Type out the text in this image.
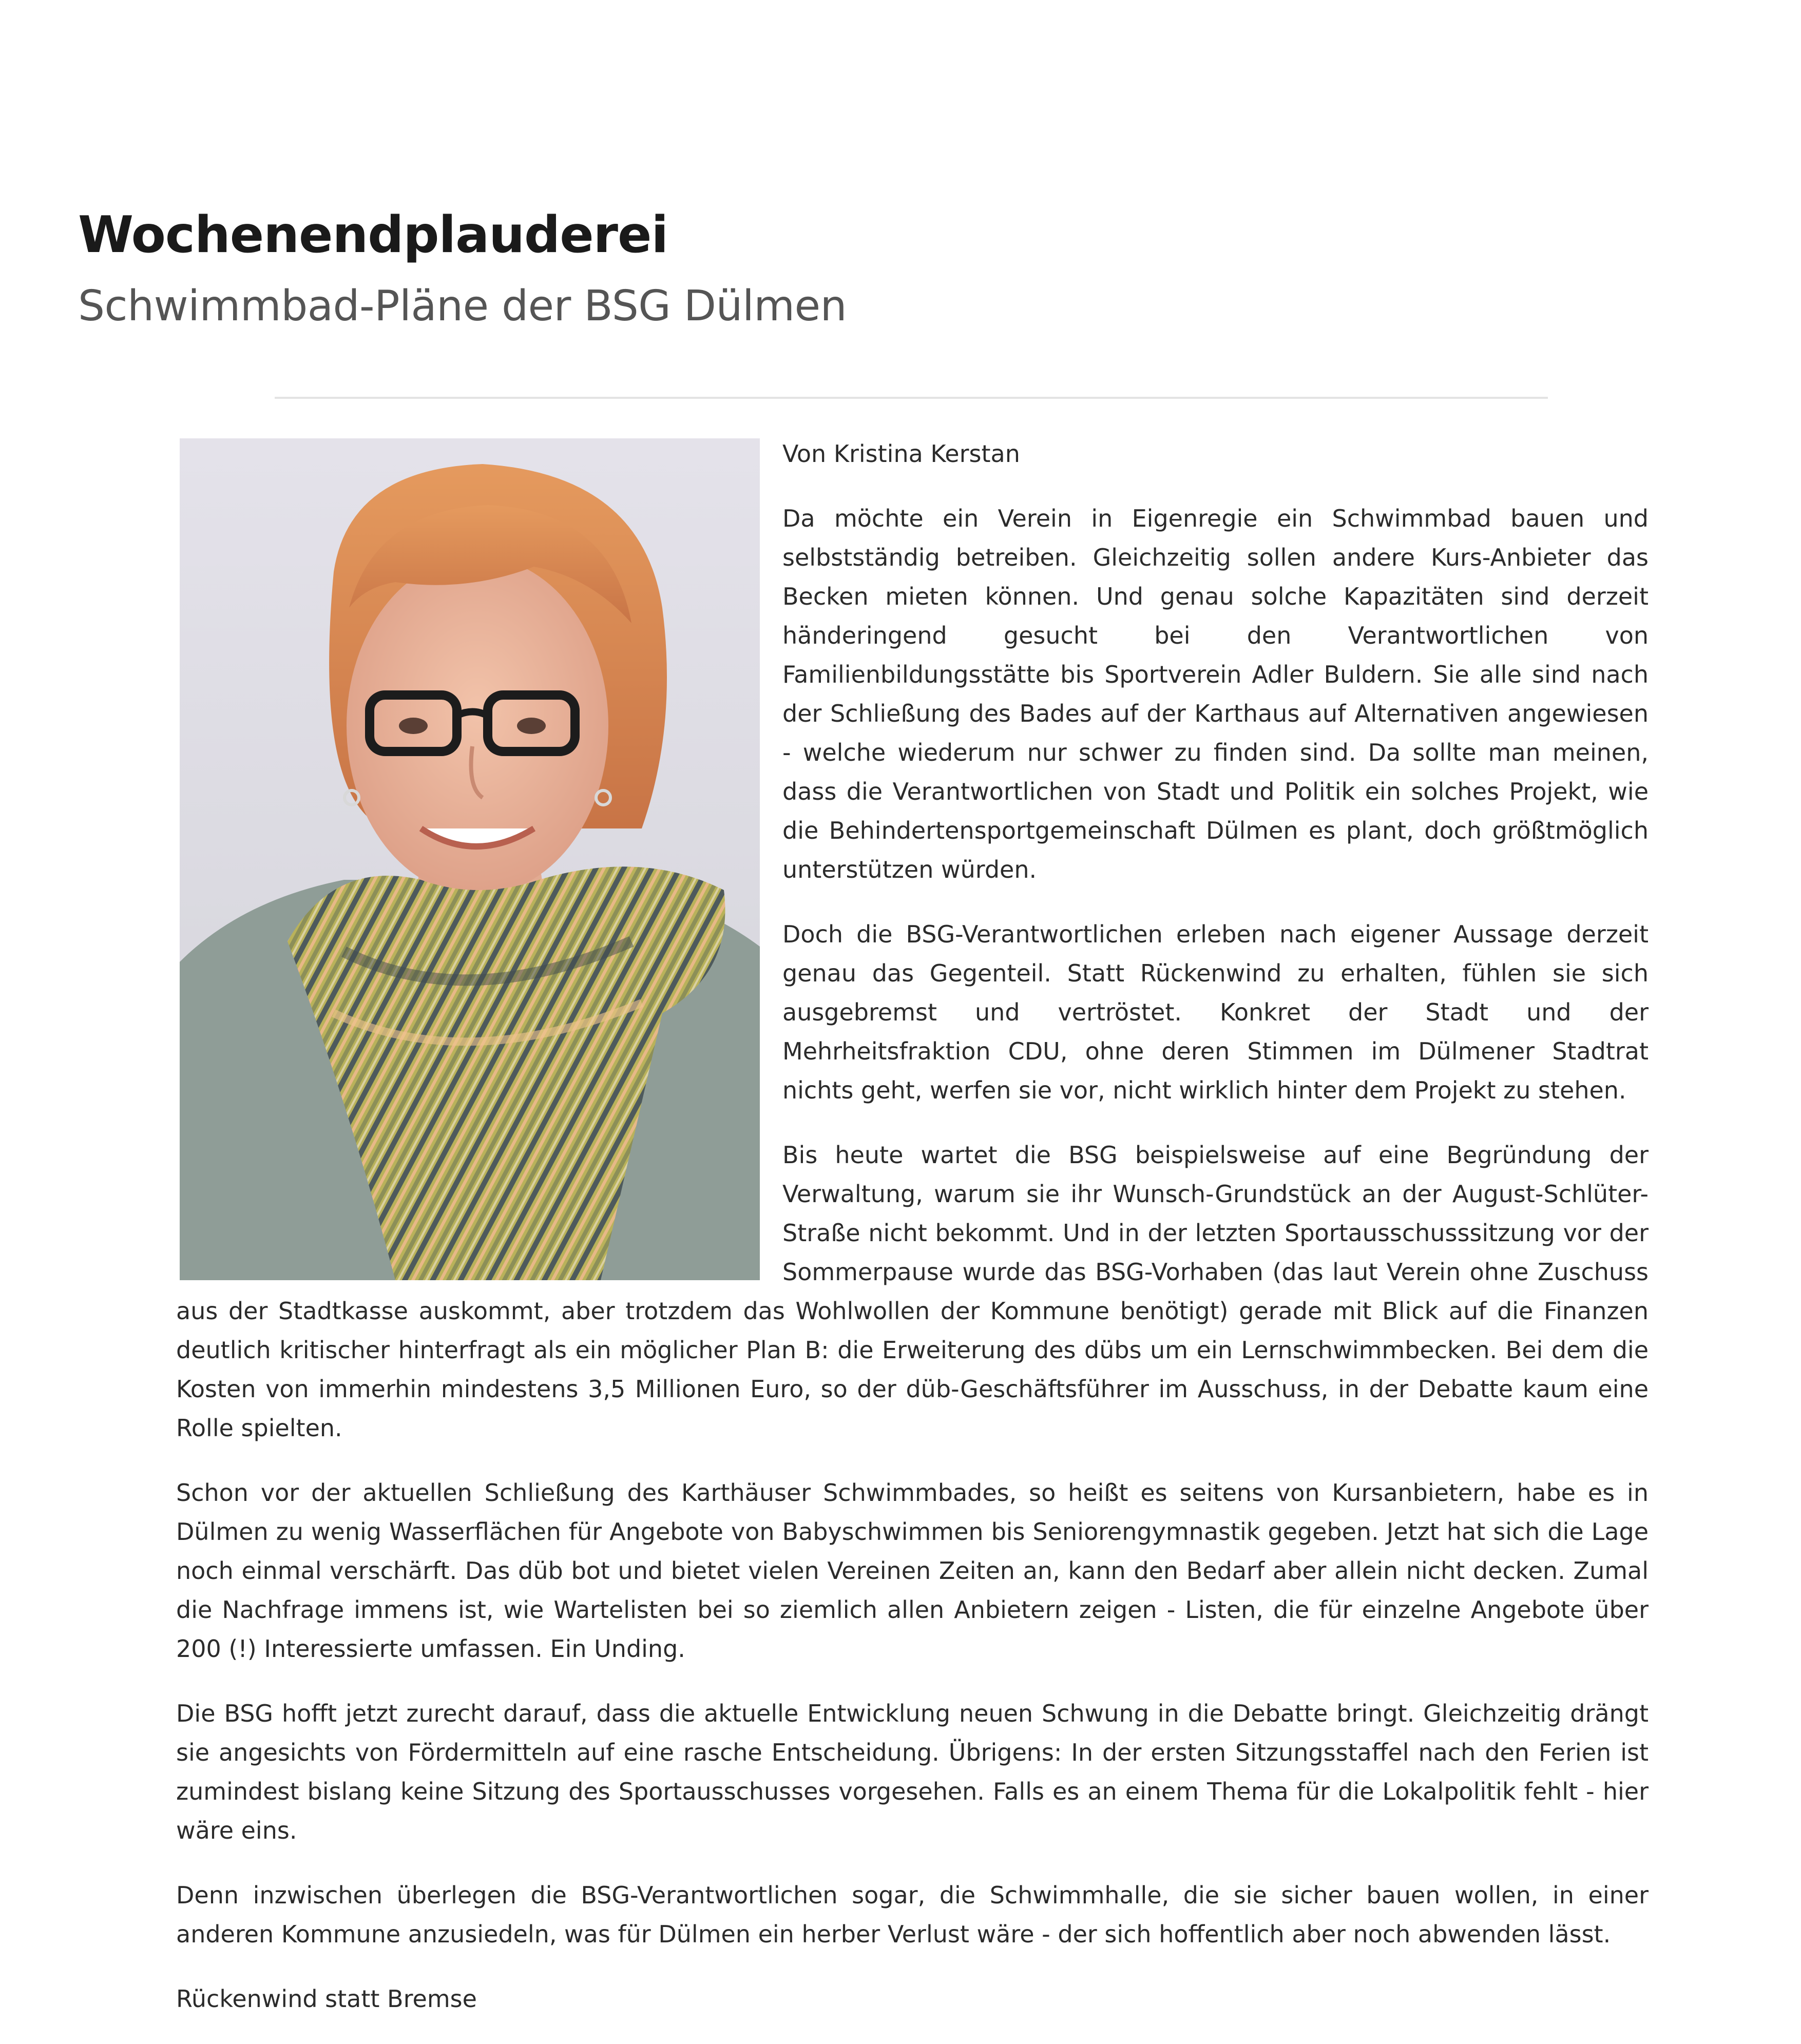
Wochenendplauderei
Schwimmbad-Pläne der BSG Dülmen

Von Kristina Kerstan

Da möchte ein Verein in Eigenregie ein Schwimmbad bauen und selbstständig betreiben. Gleichzeitig sollen andere Kurs-Anbieter das Becken mieten können. Und genau solche Kapazitäten sind derzeit händeringend gesucht bei den Verantwortlichen von Familienbildungsstätte bis Sportverein Adler Buldern. Sie alle sind nach der Schließung des Bades auf der Karthaus auf Alternativen angewiesen - welche wiederum nur schwer zu finden sind. Da sollte man meinen, dass die Verantwortlichen von Stadt und Politik ein solches Projekt, wie die Behindertensportgemeinschaft Dülmen es plant, doch größtmöglich unterstützen würden.

Doch die BSG-Verantwortlichen erleben nach eigener Aussage derzeit genau das Gegenteil. Statt Rückenwind zu erhalten, fühlen sie sich ausgebremst und vertröstet. Konkret der Stadt und der Mehrheitsfraktion CDU, ohne deren Stimmen im Dülmener Stadtrat nichts geht, werfen sie vor, nicht wirklich hinter dem Projekt zu stehen.

Bis heute wartet die BSG beispielsweise auf eine Begründung der Verwaltung, warum sie ihr Wunsch-Grundstück an der August-Schlüter-Straße nicht bekommt. Und in der letzten Sportausschusssitzung vor der Sommerpause wurde das BSG-Vorhaben (das laut Verein ohne Zuschuss aus der Stadtkasse auskommt, aber trotzdem das Wohlwollen der Kommune benötigt) gerade mit Blick auf die Finanzen deutlich kritischer hinterfragt als ein möglicher Plan B: die Erweiterung des dübs um ein Lernschwimmbecken. Bei dem die Kosten von immerhin mindestens 3,5 Millionen Euro, so der düb-Geschäftsführer im Ausschuss, in der Debatte kaum eine Rolle spielten.

Schon vor der aktuellen Schließung des Karthäuser Schwimmbades, so heißt es seitens von Kursanbietern, habe es in Dülmen zu wenig Wasserflächen für Angebote von Babyschwimmen bis Seniorengymnastik gegeben. Jetzt hat sich die Lage noch einmal verschärft. Das düb bot und bietet vielen Vereinen Zeiten an, kann den Bedarf aber allein nicht decken. Zumal die Nachfrage immens ist, wie Wartelisten bei so ziemlich allen Anbietern zeigen - Listen, die für einzelne Angebote über 200 (!) Interessierte umfassen. Ein Unding.

Die BSG hofft jetzt zurecht darauf, dass die aktuelle Entwicklung neuen Schwung in die Debatte bringt. Gleichzeitig drängt sie angesichts von Fördermitteln auf eine rasche Entscheidung. Übrigens: In der ersten Sitzungsstaffel nach den Ferien ist zumindest bislang keine Sitzung des Sportausschusses vorgesehen. Falls es an einem Thema für die Lokalpolitik fehlt - hier wäre eins.

Denn inzwischen überlegen die BSG-Verantwortlichen sogar, die Schwimmhalle, die sie sicher bauen wollen, in einer anderen Kommune anzusiedeln, was für Dülmen ein herber Verlust wäre - der sich hoffentlich aber noch abwenden lässt.

Rückenwind statt Bremse
